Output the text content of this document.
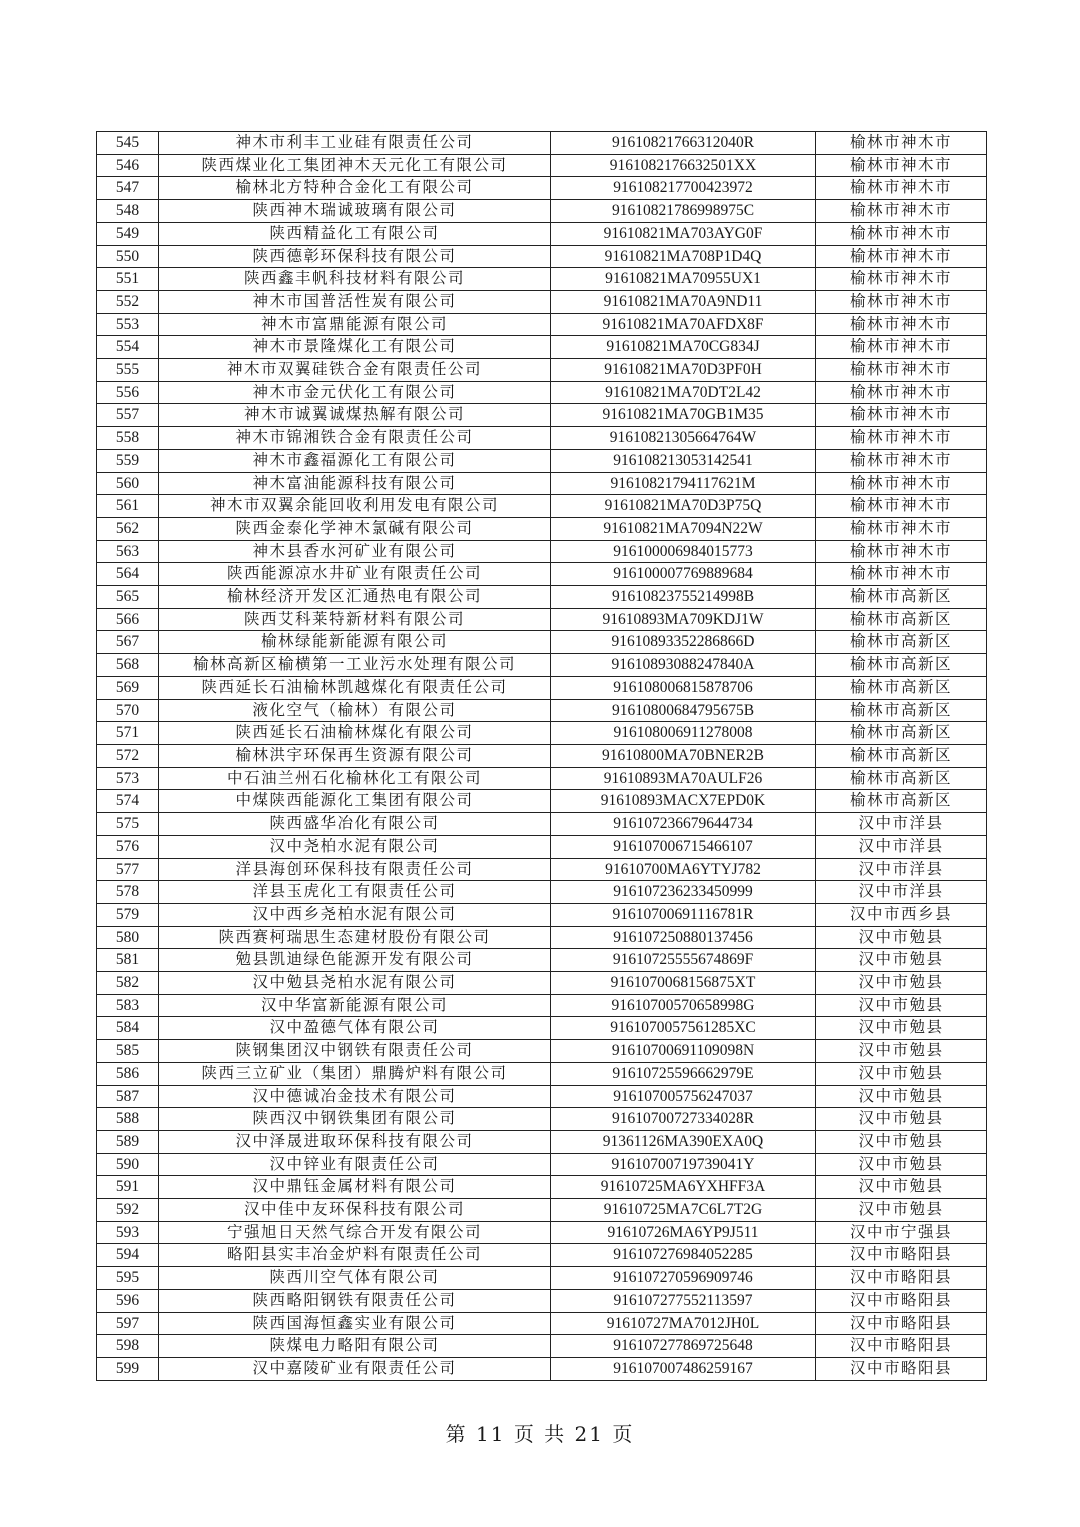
545	神木市利丰工业硅有限责任公司	91610821766312040R	榆林市神木市
546	陕西煤业化工集团神木天元化工有限公司	9161082176632501XX	榆林市神木市
547	榆林北方特种合金化工有限公司	916108217700423972	榆林市神木市
548	陕西神木瑞诚玻璃有限公司	91610821786998975C	榆林市神木市
549	陕西精益化工有限公司	91610821MA703AYG0F	榆林市神木市
550	陕西德彰环保科技有限公司	91610821MA708P1D4Q	榆林市神木市
551	陕西鑫丰帆科技材料有限公司	91610821MA70955UX1	榆林市神木市
552	神木市国普活性炭有限公司	91610821MA70A9ND11	榆林市神木市
553	神木市富鼎能源有限公司	91610821MA70AFDX8F	榆林市神木市
554	神木市景隆煤化工有限公司	91610821MA70CG834J	榆林市神木市
555	神木市双翼硅铁合金有限责任公司	91610821MA70D3PF0H	榆林市神木市
556	神木市金元伏化工有限公司	91610821MA70DT2L42	榆林市神木市
557	神木市诚翼诚煤热解有限公司	91610821MA70GB1M35	榆林市神木市
558	神木市锦湘铁合金有限责任公司	91610821305664764W	榆林市神木市
559	神木市鑫福源化工有限公司	916108213053142541	榆林市神木市
560	神木富油能源科技有限公司	91610821794117621M	榆林市神木市
561	神木市双翼余能回收利用发电有限公司	91610821MA70D3P75Q	榆林市神木市
562	陕西金泰化学神木氯碱有限公司	91610821MA7094N22W	榆林市神木市
563	神木县香水河矿业有限公司	916100006984015773	榆林市神木市
564	陕西能源凉水井矿业有限责任公司	916100007769889684	榆林市神木市
565	榆林经济开发区汇通热电有限公司	91610823755214998B	榆林市高新区
566	陕西艾科莱特新材料有限公司	91610893MA709KDJ1W	榆林市高新区
567	榆林绿能新能源有限公司	91610893352286866D	榆林市高新区
568	榆林高新区榆横第一工业污水处理有限公司	91610893088247840A	榆林市高新区
569	陕西延长石油榆林凯越煤化有限责任公司	916108006815878706	榆林市高新区
570	液化空气（榆林）有限公司	91610800684795675B	榆林市高新区
571	陕西延长石油榆林煤化有限公司	916108006911278008	榆林市高新区
572	榆林洪宇环保再生资源有限公司	91610800MA70BNER2B	榆林市高新区
573	中石油兰州石化榆林化工有限公司	91610893MA70AULF26	榆林市高新区
574	中煤陕西能源化工集团有限公司	91610893MACX7EPD0K	榆林市高新区
575	陕西盛华冶化有限公司	916107236679644734	汉中市洋县
576	汉中尧柏水泥有限公司	916107006715466107	汉中市洋县
577	洋县海创环保科技有限责任公司	91610700MA6YTYJ782	汉中市洋县
578	洋县玉虎化工有限责任公司	916107236233450999	汉中市洋县
579	汉中西乡尧柏水泥有限公司	91610700691116781R	汉中市西乡县
580	陕西赛柯瑞思生态建材股份有限公司	916107250880137456	汉中市勉县
581	勉县凯迪绿色能源开发有限公司	91610725555674869F	汉中市勉县
582	汉中勉县尧柏水泥有限公司	9161070068156875XT	汉中市勉县
583	汉中华富新能源有限公司	91610700570658998G	汉中市勉县
584	汉中盈德气体有限公司	9161070057561285XC	汉中市勉县
585	陕钢集团汉中钢铁有限责任公司	91610700691109098N	汉中市勉县
586	陕西三立矿业（集团）鼎腾炉料有限公司	91610725596662979E	汉中市勉县
587	汉中德诚冶金技术有限公司	916107005756247037	汉中市勉县
588	陕西汉中钢铁集团有限公司	91610700727334028R	汉中市勉县
589	汉中泽晟进取环保科技有限公司	91361126MA390EXA0Q	汉中市勉县
590	汉中锌业有限责任公司	91610700719739041Y	汉中市勉县
591	汉中鼎钰金属材料有限公司	91610725MA6YXHFF3A	汉中市勉县
592	汉中佳中友环保科技有限公司	91610725MA7C6L7T2G	汉中市勉县
593	宁强旭日天然气综合开发有限公司	91610726MA6YP9J511	汉中市宁强县
594	略阳县实丰冶金炉料有限责任公司	916107276984052285	汉中市略阳县
595	陕西川空气体有限公司	916107270596909746	汉中市略阳县
596	陕西略阳钢铁有限责任公司	916107277552113597	汉中市略阳县
597	陕西国海恒鑫实业有限公司	91610727MA7012JH0L	汉中市略阳县
598	陕煤电力略阳有限公司	916107277869725648	汉中市略阳县
599	汉中嘉陵矿业有限责任公司	916107007486259167	汉中市略阳县
第 11 页 共 21 页
